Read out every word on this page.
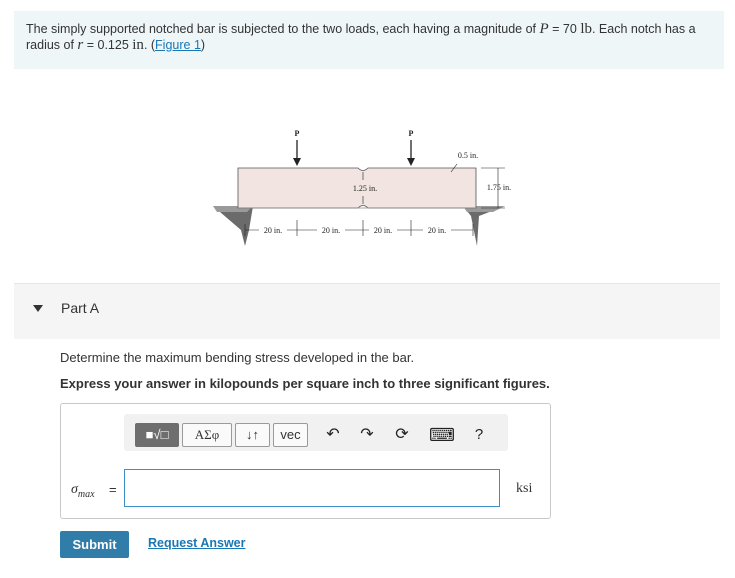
The simply supported notched bar is subjected to the two loads, each having a magnitude of P = 70 lb. Each notch has a radius of r = 0.125 in. (Figure 1)
P	P
0.5 in.
1.75 in.
1.25 in.
20 in.	20 in.	20 in.	20 in.
Part A
Determine the maximum bending stress developed in the bar.
Express your answer in kilopounds per square inch to three significant figures.
■√□	ΑΣφ	↓↑	vec	↶ ↷ ⟳ ⌨	?
$\sigma_{max}$ =	ksi
Submit	Request Answer
